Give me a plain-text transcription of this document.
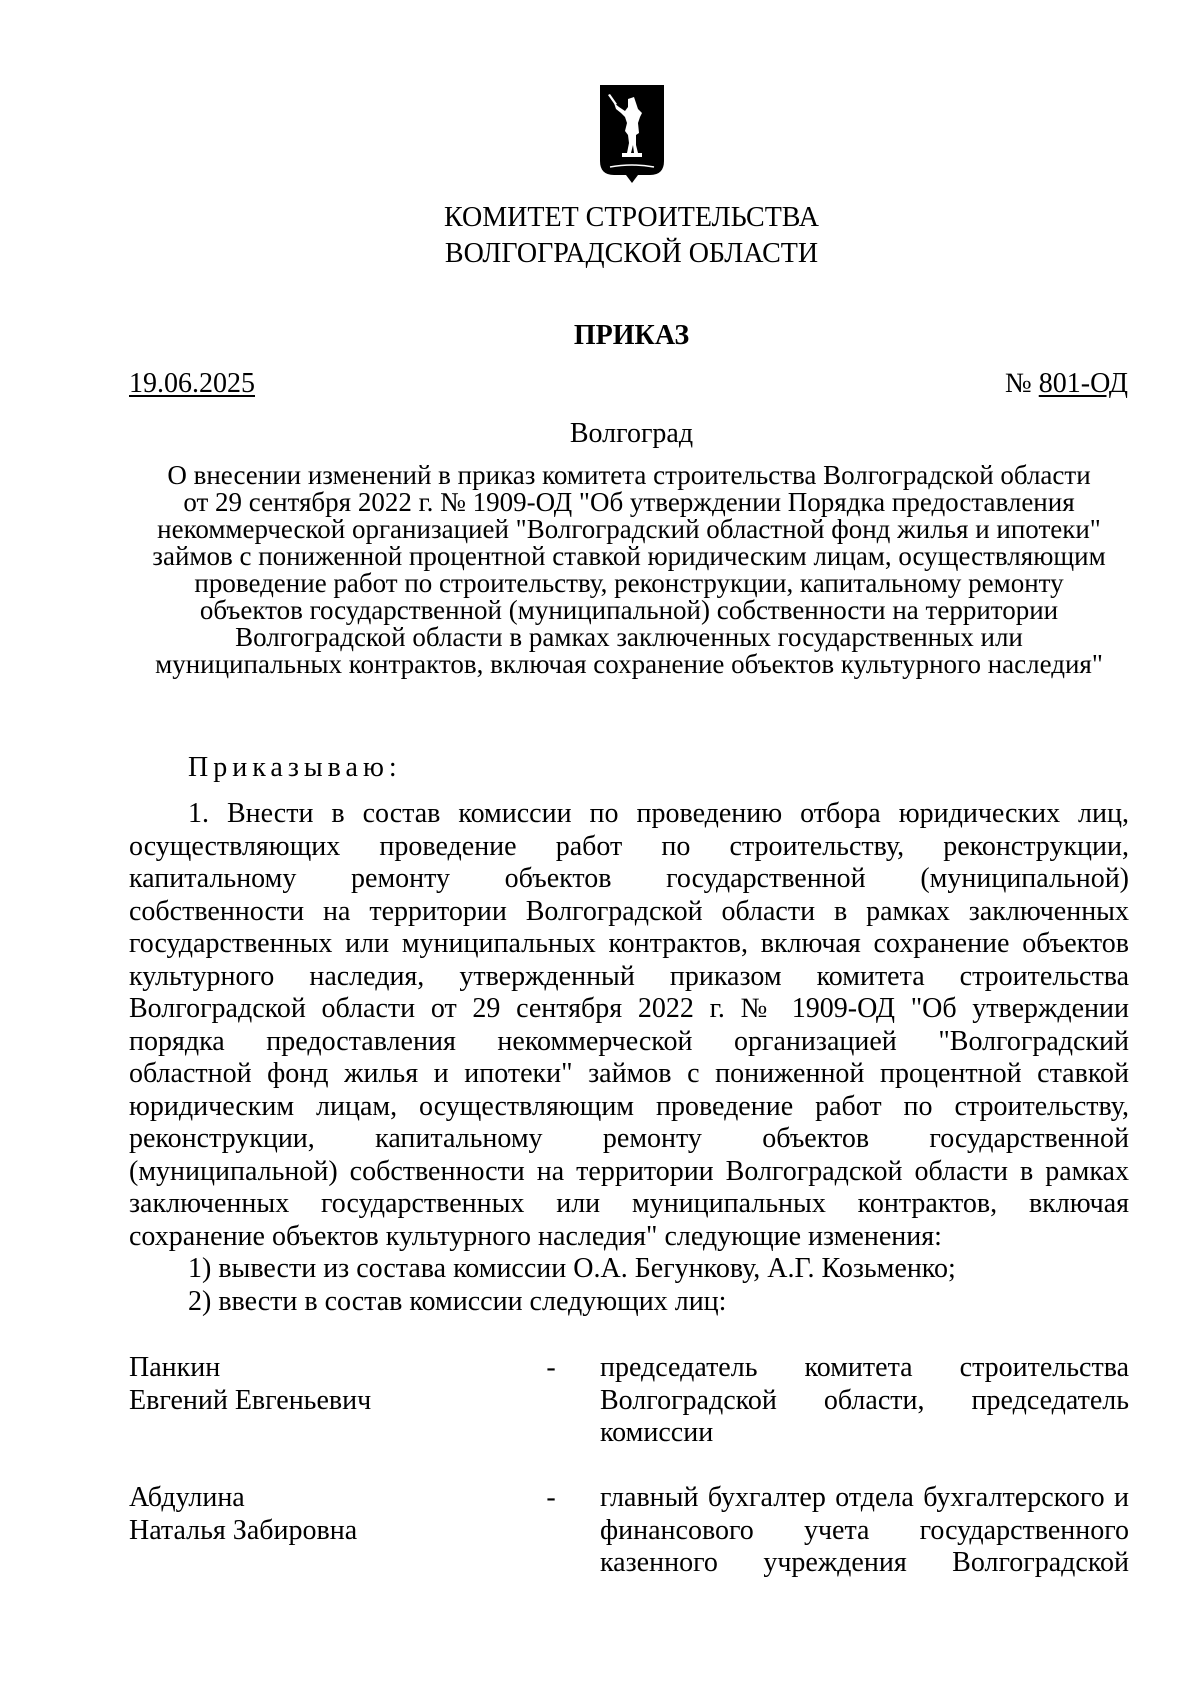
КОМИТЕТ СТРОИТЕЛЬСТВА
ВОЛГОГРАДСКОЙ ОБЛАСТИ
ПРИКАЗ
19.06.2025	№ 801-ОД
Волгоград
О внесении изменений в приказ комитета строительства Волгоградской области
от 29 сентября 2022 г. № 1909-ОД "Об утверждении Порядка предоставления
некоммерческой организацией "Волгоградский областной фонд жилья и ипотеки"
займов с пониженной процентной ставкой юридическим лицам, осуществляющим
проведение работ по строительству, реконструкции, капитальному ремонту
объектов государственной (муниципальной) собственности на территории
Волгоградской области в рамках заключенных государственных или
муниципальных контрактов, включая сохранение объектов культурного наследия"
Приказываю:
1. Внести в состав комиссии по проведению отбора юридических лиц,
осуществляющих проведение работ по строительству, реконструкции,
капитальному ремонту объектов государственной (муниципальной)
собственности на территории Волгоградской области в рамках заключенных
государственных или муниципальных контрактов, включая сохранение объектов
культурного наследия, утвержденный приказом комитета строительства
Волгоградской области от 29 сентября 2022 г. № 1909-ОД "Об утверждении
порядка предоставления некоммерческой организацией "Волгоградский
областной фонд жилья и ипотеки" займов с пониженной процентной ставкой
юридическим лицам, осуществляющим проведение работ по строительству,
реконструкции, капитальному ремонту объектов государственной
(муниципальной) собственности на территории Волгоградской области в рамках
заключенных государственных или муниципальных контрактов, включая
сохранение объектов культурного наследия" следующие изменения:
1) вывести из состава комиссии О.А. Бегункову, А.Г. Козьменко;
2) ввести в состав комиссии следующих лиц:
Панкин
Евгений Евгеньевич
- председатель комитета строительства
Волгоградской области, председатель
комиссии
Абдулина
Наталья Забировна
- главный бухгалтер отдела бухгалтерского и
финансового учета государственного
казенного учреждения Волгоградской
